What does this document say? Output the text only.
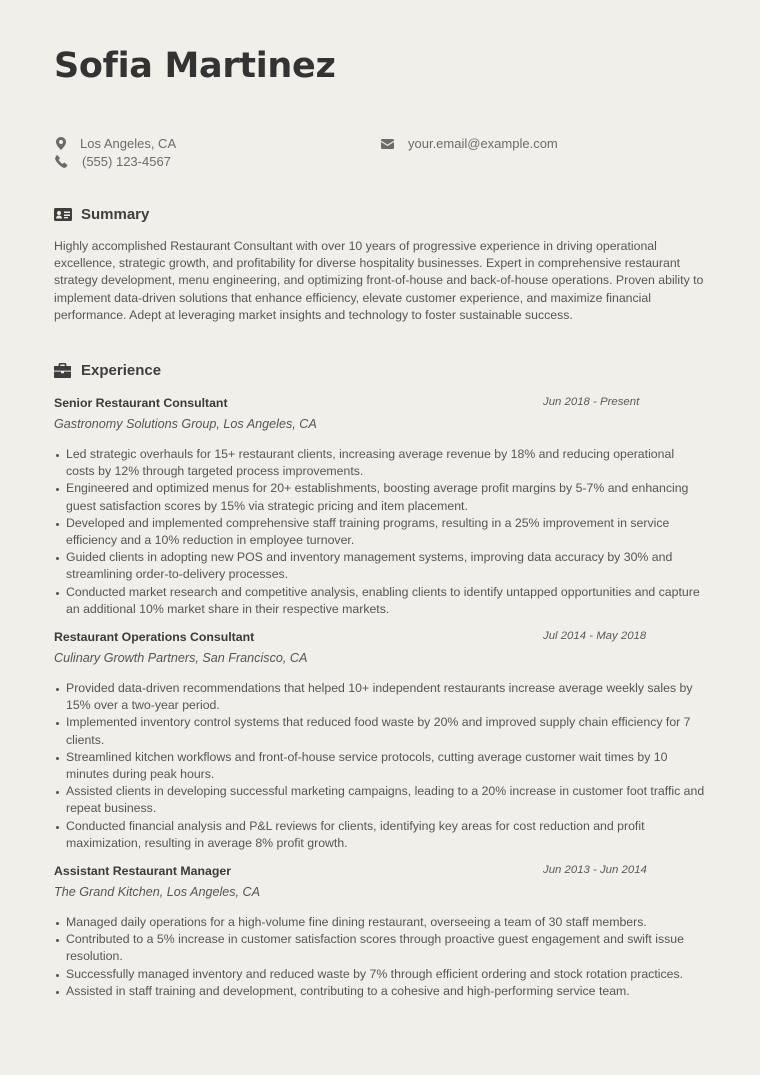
Sofia Martinez
Los Angeles, CA
(555) 123-4567
your.email@example.com
Summary

Highly accomplished Restaurant Consultant with over 10 years of progressive experience in driving operational excellence, strategic growth, and profitability for diverse hospitality businesses. Expert in comprehensive restaurant strategy development, menu engineering, and optimizing front-of-house and back-of-house operations. Proven ability to implement data-driven solutions that enhance efficiency, elevate customer experience, and maximize financial performance. Adept at leveraging market insights and technology to foster sustainable success.

Experience
Senior Restaurant Consultant	Jun 2018 - Present
Gastronomy Solutions Group, Los Angeles, CA
Led strategic overhauls for 15+ restaurant clients, increasing average revenue by 18% and reducing operational costs by 12% through targeted process improvements.
Engineered and optimized menus for 20+ establishments, boosting average profit margins by 5-7% and enhancing guest satisfaction scores by 15% via strategic pricing and item placement.
Developed and implemented comprehensive staff training programs, resulting in a 25% improvement in service efficiency and a 10% reduction in employee turnover.
Guided clients in adopting new POS and inventory management systems, improving data accuracy by 30% and streamlining order-to-delivery processes.
Conducted market research and competitive analysis, enabling clients to identify untapped opportunities and capture an additional 10% market share in their respective markets.
Restaurant Operations Consultant	Jul 2014 - May 2018
Culinary Growth Partners, San Francisco, CA
Provided data-driven recommendations that helped 10+ independent restaurants increase average weekly sales by 15% over a two-year period.
Implemented inventory control systems that reduced food waste by 20% and improved supply chain efficiency for 7 clients.
Streamlined kitchen workflows and front-of-house service protocols, cutting average customer wait times by 10 minutes during peak hours.
Assisted clients in developing successful marketing campaigns, leading to a 20% increase in customer foot traffic and repeat business.
Conducted financial analysis and P&L reviews for clients, identifying key areas for cost reduction and profit maximization, resulting in average 8% profit growth.
Assistant Restaurant Manager	Jun 2013 - Jun 2014
The Grand Kitchen, Los Angeles, CA
Managed daily operations for a high-volume fine dining restaurant, overseeing a team of 30 staff members.
Contributed to a 5% increase in customer satisfaction scores through proactive guest engagement and swift issue resolution.
Successfully managed inventory and reduced waste by 7% through efficient ordering and stock rotation practices.
Assisted in staff training and development, contributing to a cohesive and high-performing service team.
